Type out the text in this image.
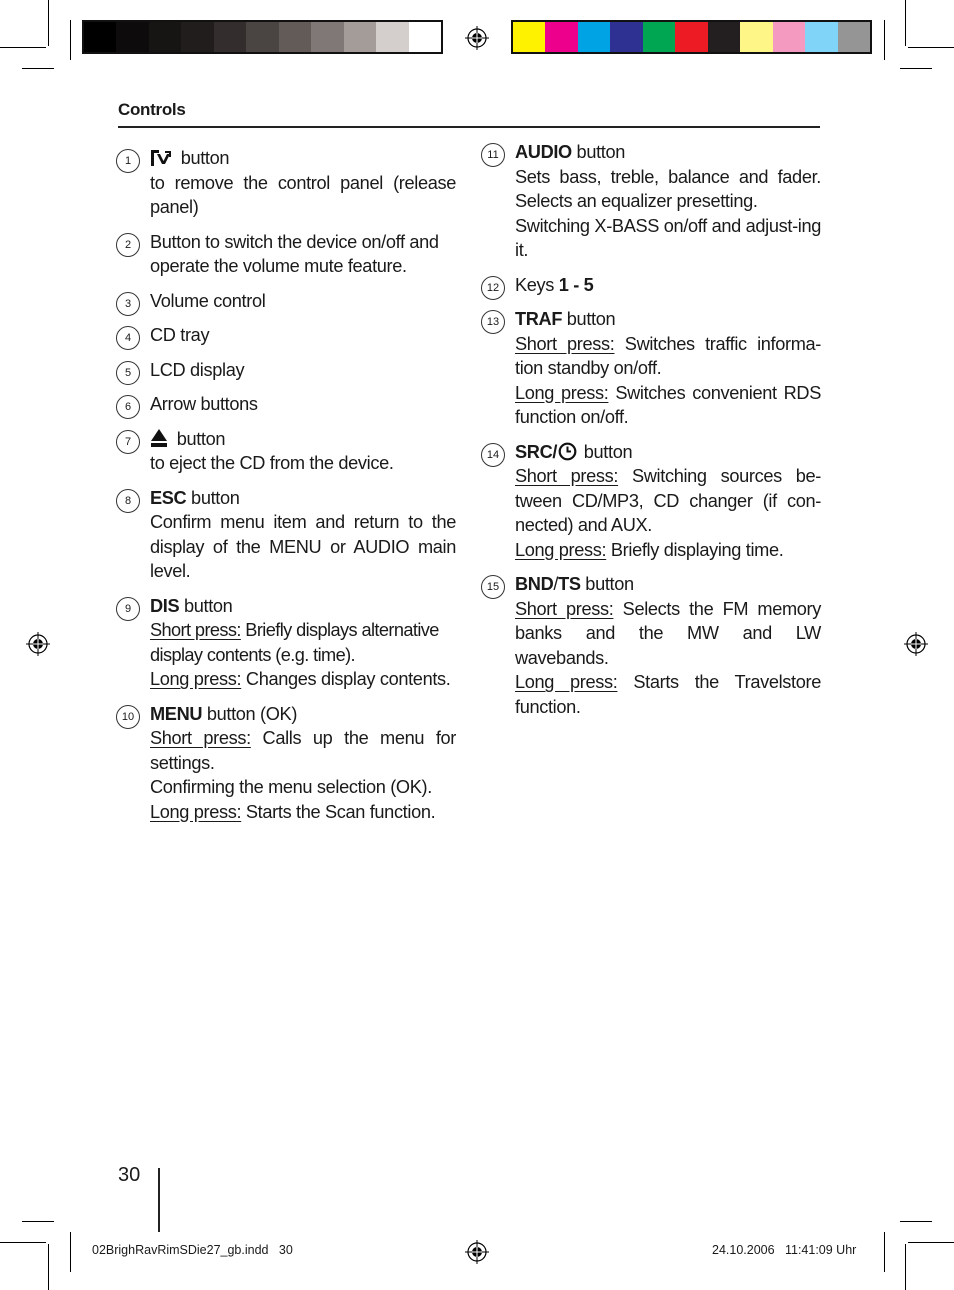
Controls
1	button
to remove the control panel (release panel)
2	Button to switch the device on/off and operate the volume mute feature.
3	Volume control
4	CD tray
5	LCD display
6	Arrow buttons
7	button
to eject the CD from the device.
8	ESC button
Confirm menu item and return to the display of the MENU or AUDIO main level.
9	DIS button
Short press: Briefly displays alternative display contents (e.g. time).
Long press: Changes display contents.
10 MENU button (OK)
Short press: Calls up the menu for settings.
Confirming the menu selection (OK).
Long press: Starts the Scan function.
11 AUDIO button
Sets bass, treble, balance and fader. Selects an equalizer presetting.
Switching X-BASS on/off and adjust-ing it.
12 Keys 1 - 5
13 TRAF button
Short press: Switches traffic informa-tion standby on/off.
Long press: Switches convenient RDS function on/off.
14 SRC/ button
Short press: Switching sources be-tween CD/MP3, CD changer (if con-nected) and AUX.
Long press: Briefly displaying time.
15 BND/TS button
Short press: Selects the FM memory banks and the MW and LW wavebands.
Long press: Starts the Travelstore function.
30
02BrighRavRimSDie27_gb.indd   30	24.10.2006   11:41:09 Uhr
